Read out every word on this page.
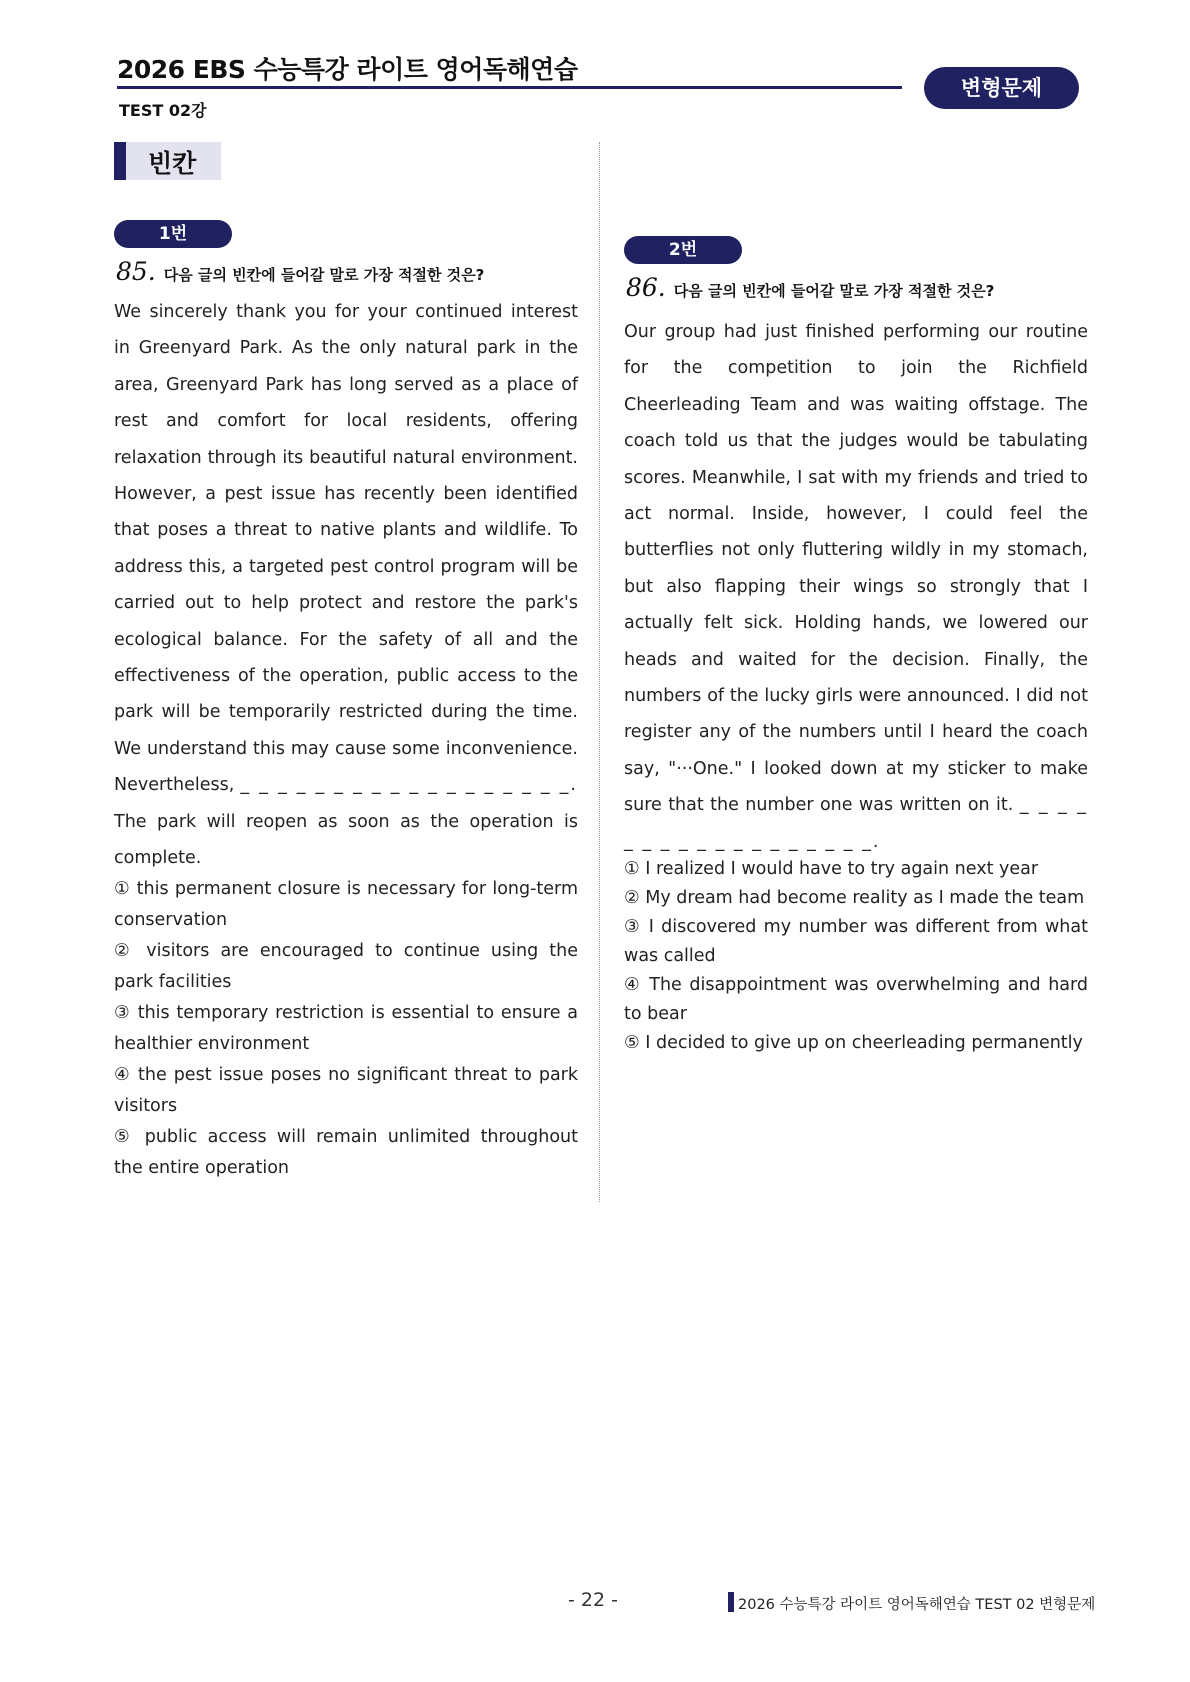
2026 EBS 수능특강 라이트 영어독해연습
TEST 02강
변형문제
빈칸
1번
85. 다음 글의 빈칸에 들어갈 말로 가장 적절한 것은?
We sincerely thank you for your continued interest in Greenyard Park. As the only natural park in the area, Greenyard Park has long served as a place of rest and comfort for local residents, offering relaxation through its beautiful natural environment. However, a pest issue has recently been identified that poses a threat to native plants and wildlife. To address this, a targeted pest control program will be carried out to help protect and restore the park's ecological balance. For the safety of all and the effectiveness of the operation, public access to the park will be temporarily restricted during the time. We understand this may cause some inconvenience. Nevertheless, _ _ _ _ _ _ _ _ _ _ _ _ _ _ _ _ _ _. The park will reopen as soon as the operation is complete.

① this permanent closure is necessary for long-term conservation

② visitors are encouraged to continue using the park facilities

③ this temporary restriction is essential to ensure a healthier environment

④ the pest issue poses no significant threat to park visitors

⑤ public access will remain unlimited throughout the entire operation

2번
86. 다음 글의 빈칸에 들어갈 말로 가장 적절한 것은?
Our group had just finished performing our routine for the competition to join the Richfield Cheerleading Team and was waiting offstage. The coach told us that the judges would be tabulating scores. Meanwhile, I sat with my friends and tried to act normal. Inside, however, I could feel the butterflies not only fluttering wildly in my stomach, but also flapping their wings so strongly that I actually felt sick. Holding hands, we lowered our heads and waited for the decision. Finally, the numbers of the lucky girls were announced. I did not register any of the numbers until I heard the coach say, "···One." I looked down at my sticker to make sure that the number one was written on it. _ _ _ _ _ _ _ _ _ _ _ _ _ _ _ _ _ _.

① I realized I would have to try again next year

② My dream had become reality as I made the team

③ I discovered my number was different from what was called

④ The disappointment was overwhelming and hard to bear

⑤ I decided to give up on cheerleading permanently

- 22 -	2026 수능특강 라이트 영어독해연습 TEST 02 변형문제
